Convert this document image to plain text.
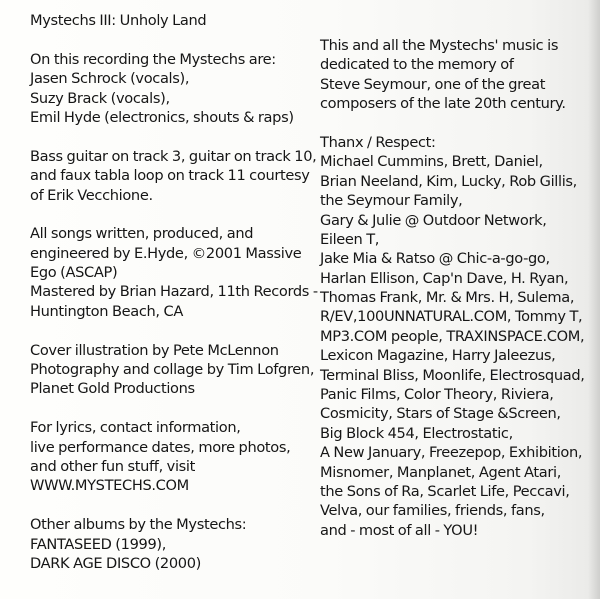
Mystechs III: Unholy Land
On this recording the Mystechs are:
Jasen Schrock (vocals),
Suzy Brack (vocals),
Emil Hyde (electronics, shouts & raps)
Bass guitar on track 3, guitar on track 10,
and faux tabla loop on track 11 courtesy
of Erik Vecchione.
All songs written, produced, and
engineered by E.Hyde, ©2001 Massive
Ego (ASCAP)
Mastered by Brian Hazard, 11th Records -
Huntington Beach, CA
Cover illustration by Pete McLennon
Photography and collage by Tim Lofgren,
Planet Gold Productions
For lyrics, contact information,
live performance dates, more photos,
and other fun stuff, visit
WWW.MYSTECHS.COM
Other albums by the Mystechs:
FANTASEED (1999),
DARK AGE DISCO (2000)
This and all the Mystechs' music is
dedicated to the memory of
Steve Seymour, one of the great
composers of the late 20th century.
Thanx / Respect:
Michael Cummins, Brett, Daniel,
Brian Neeland, Kim, Lucky, Rob Gillis,
the Seymour Family,
Gary & Julie @ Outdoor Network,
Eileen T,
Jake Mia & Ratso @ Chic-a-go-go,
Harlan Ellison, Cap'n Dave, H. Ryan,
Thomas Frank, Mr. & Mrs. H, Sulema,
R/EV,100UNNATURAL.COM, Tommy T,
MP3.COM people, TRAXINSPACE.COM,
Lexicon Magazine, Harry Jaleezus,
Terminal Bliss, Moonlife, Electrosquad,
Panic Films, Color Theory, Riviera,
Cosmicity, Stars of Stage &Screen,
Big Block 454, Electrostatic,
A New January, Freezepop, Exhibition,
Misnomer, Manplanet, Agent Atari,
the Sons of Ra, Scarlet Life, Peccavi,
Velva, our families, friends, fans,
and - most of all - YOU!
